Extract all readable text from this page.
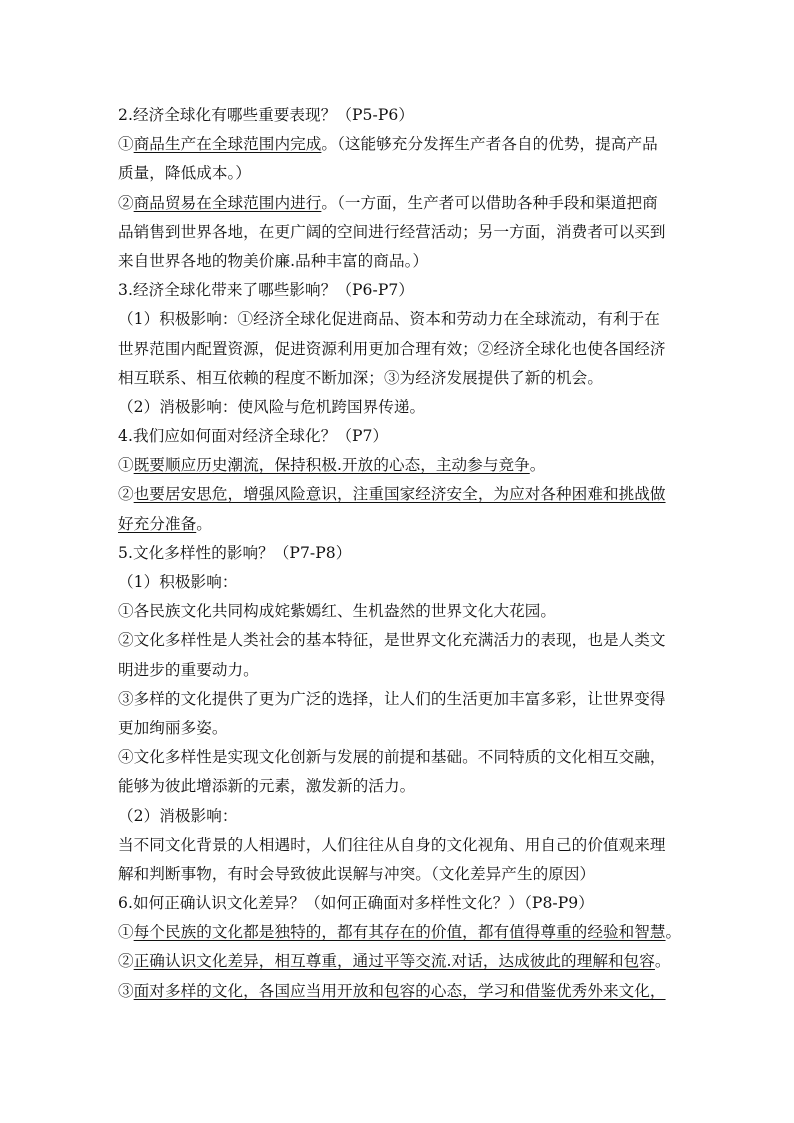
2.经济全球化有哪些重要表现？（P5-P6）
①商品生产在全球范围内完成。（这能够充分发挥生产者各自的优势，提高产品
质量，降低成本。）
②商品贸易在全球范围内进行。（一方面，生产者可以借助各种手段和渠道把商
品销售到世界各地，在更广阔的空间进行经营活动；另一方面，消费者可以买到
来自世界各地的物美价廉.品种丰富的商品。）
3.经济全球化带来了哪些影响？（P6-P7）
（1）积极影响：①经济全球化促进商品、资本和劳动力在全球流动，有利于在
世界范围内配置资源，促进资源利用更加合理有效；②经济全球化也使各国经济
相互联系、相互依赖的程度不断加深；③为经济发展提供了新的机会。
（2）消极影响：使风险与危机跨国界传递。
4.我们应如何面对经济全球化？（P7）
①既要顺应历史潮流，保持积极.开放的心态，主动参与竞争。
②也要居安思危，增强风险意识，注重国家经济安全，为应对各种困难和挑战做
好充分准备。
5.文化多样性的影响？（P7-P8）
（1）积极影响：
①各民族文化共同构成姹紫嫣红、生机盎然的世界文化大花园。
②文化多样性是人类社会的基本特征，是世界文化充满活力的表现，也是人类文
明进步的重要动力。
③多样的文化提供了更为广泛的选择，让人们的生活更加丰富多彩，让世界变得
更加绚丽多姿。
④文化多样性是实现文化创新与发展的前提和基础。不同特质的文化相互交融，
能够为彼此增添新的元素，激发新的活力。
（2）消极影响：
当不同文化背景的人相遇时，人们往往从自身的文化视角、用自己的价值观来理
解和判断事物，有时会导致彼此误解与冲突。（文化差异产生的原因）
6.如何正确认识文化差异？（如何正确面对多样性文化？）（P8-P9）
①每个民族的文化都是独特的，都有其存在的价值，都有值得尊重的经验和智慧。
②正确认识文化差异，相互尊重，通过平等交流.对话，达成彼此的理解和包容。
③面对多样的文化，各国应当用开放和包容的心态，学习和借鉴优秀外来文化，
